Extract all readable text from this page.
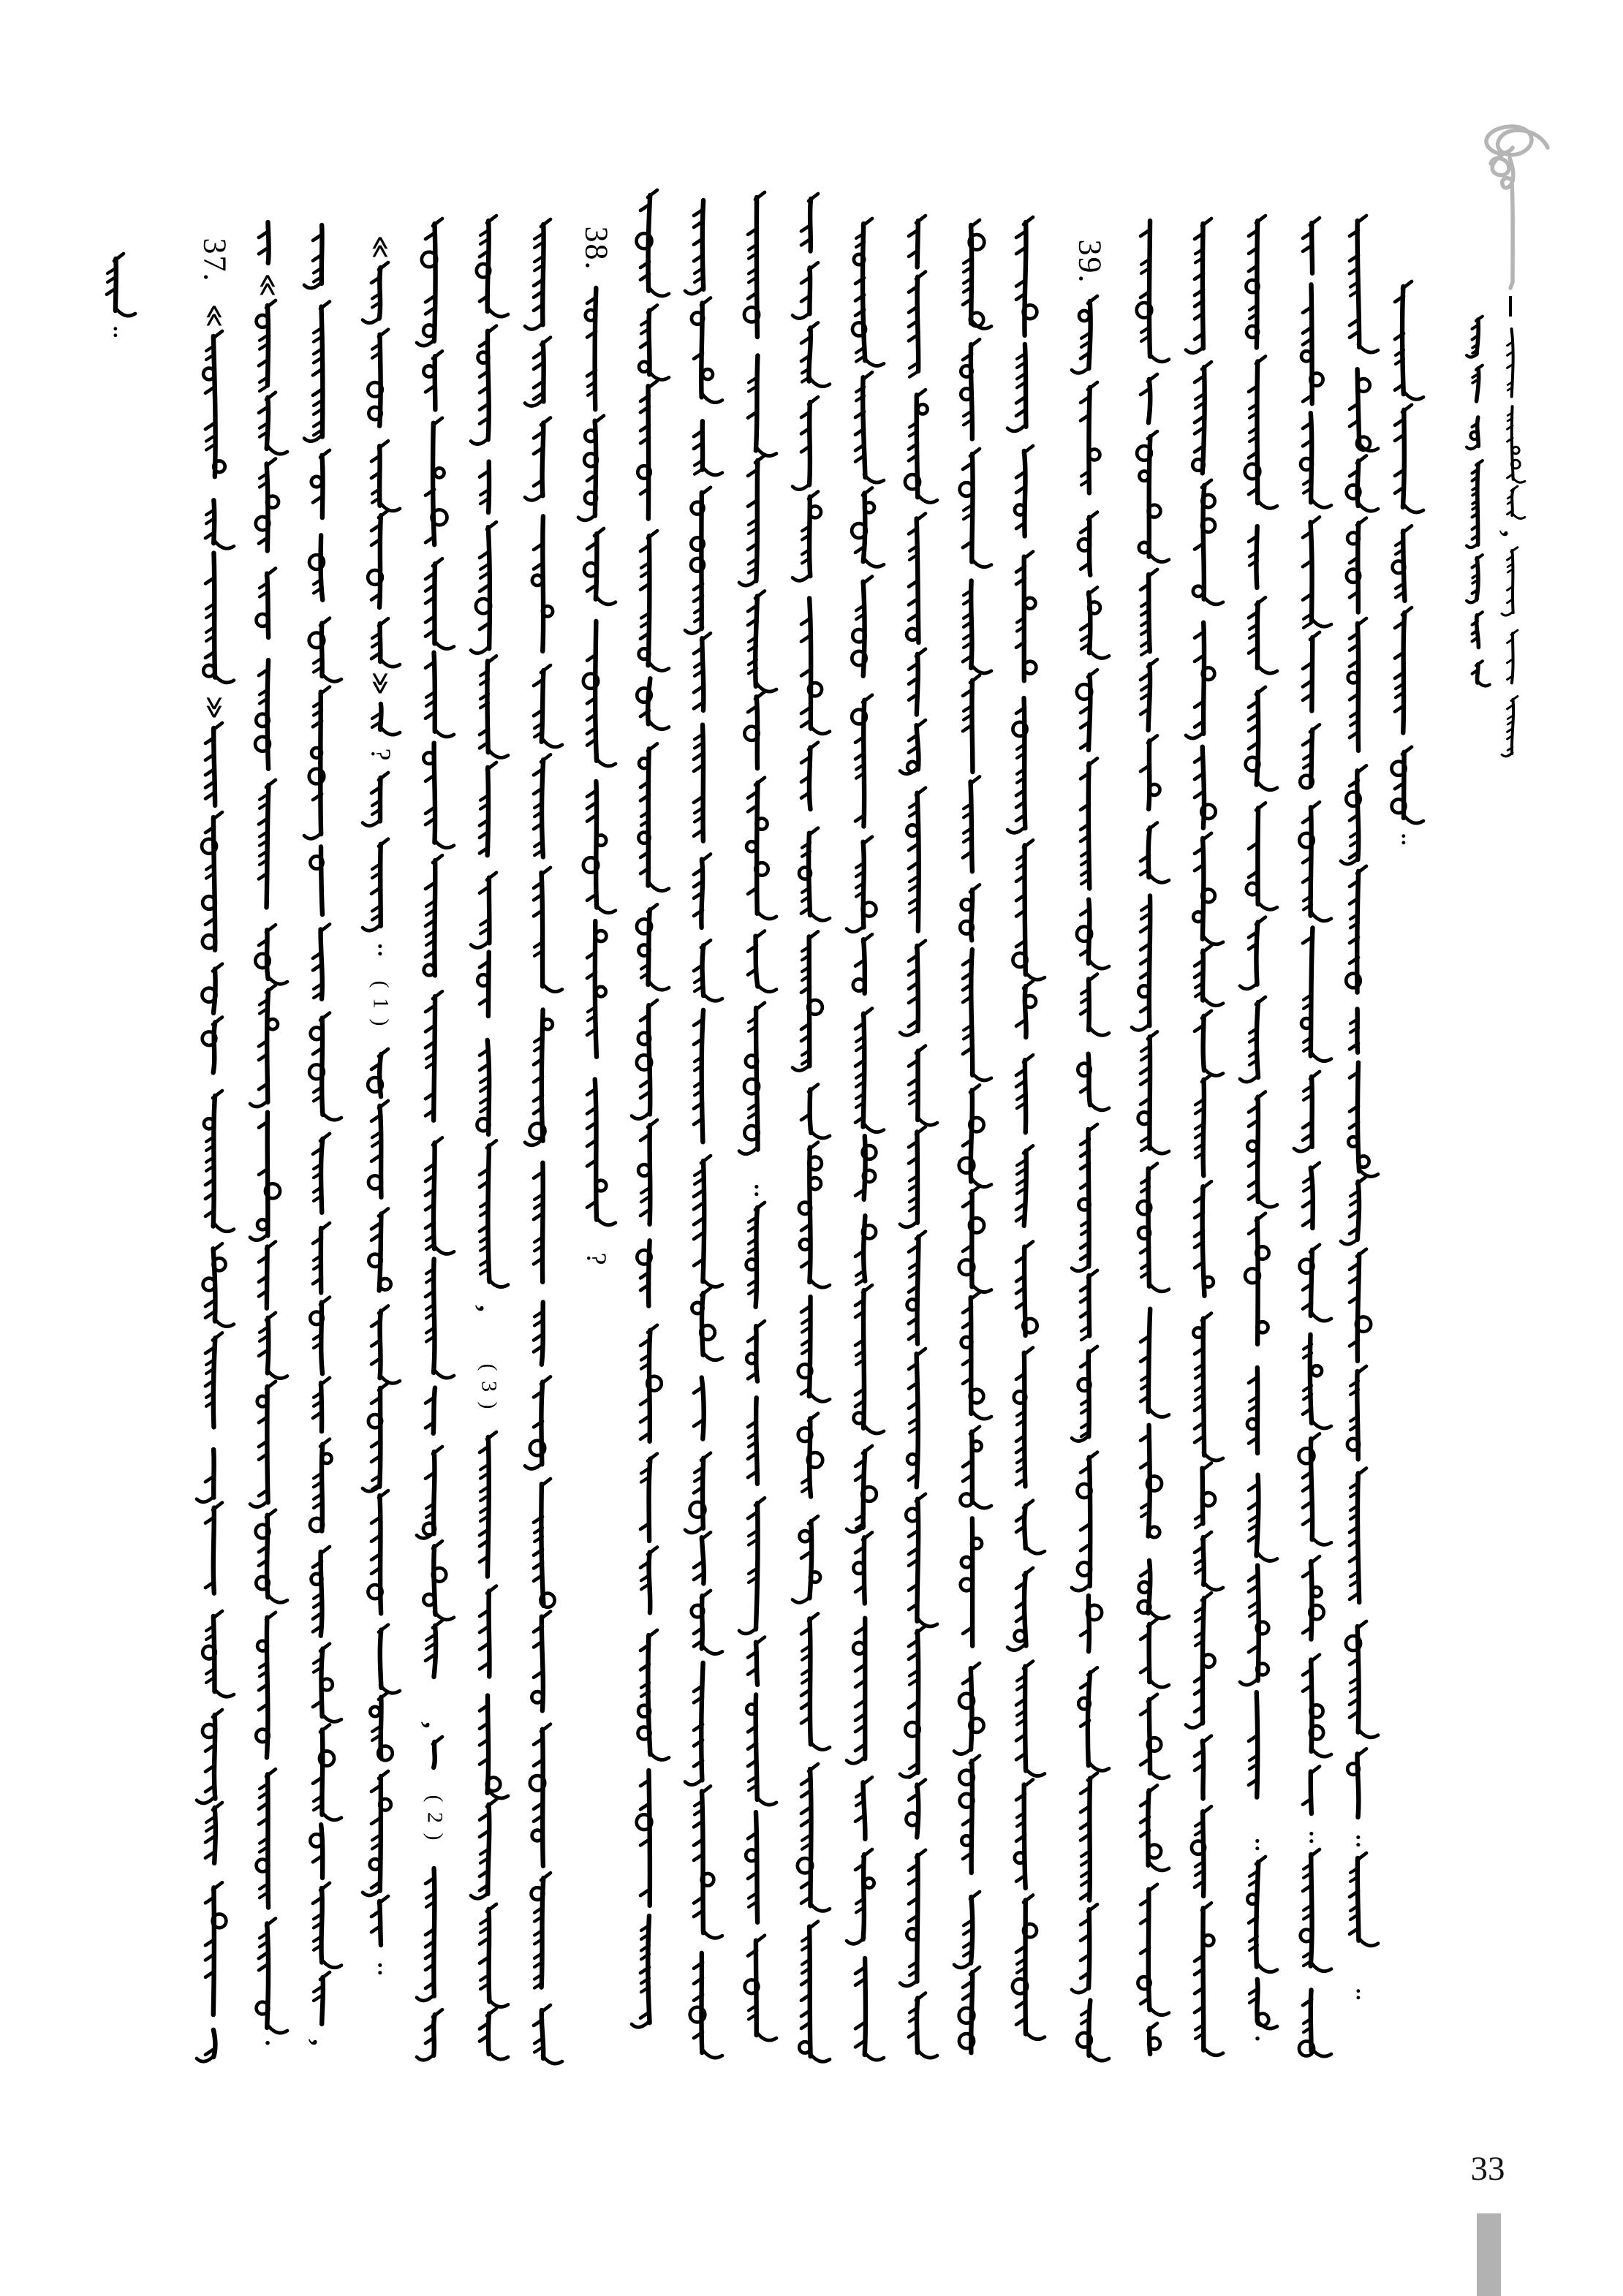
,
:
37.
≪
≫
≪
· ,
≪
≫
?
:
( 1 )
:
,
( 2 )
,
( 3 )
38.
?
:
39.
:
·
: :
:
:
33
